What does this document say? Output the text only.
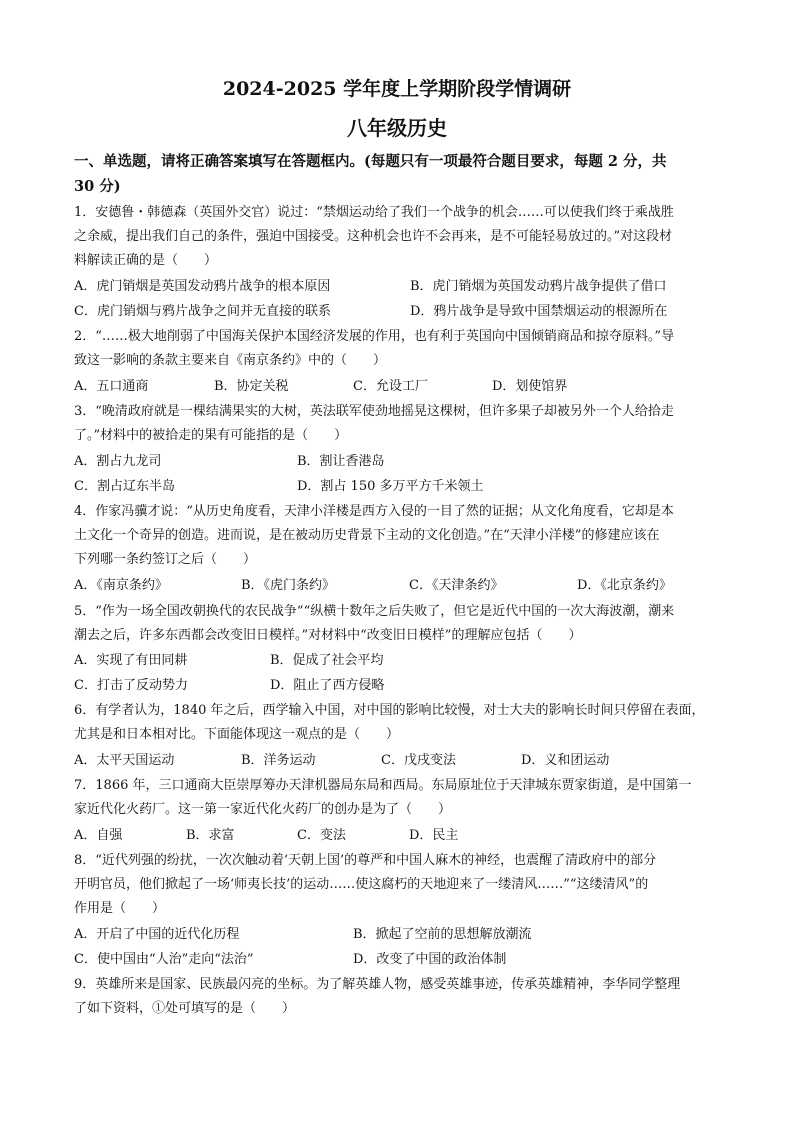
2024-2025 学年度上学期阶段学情调研
八年级历史
一、单选题，请将正确答案填写在答题框内。(每题只有一项最符合题目要求，每题 2 分，共
30 分)
1．安德鲁・韩德森（英国外交官）说过：“禁烟运动给了我们一个战争的机会……可以使我们终于乘战胜
之余威，提出我们自己的条件，强迫中国接受。这种机会也许不会再来，是不可能轻易放过的。”对这段材
料解读正确的是（　　）
A．虎门销烟是英国发动鸦片战争的根本原因	B．虎门销烟为英国发动鸦片战争提供了借口
C．虎门销烟与鸦片战争之间并无直接的联系	D．鸦片战争是导致中国禁烟运动的根源所在
2．“……极大地削弱了中国海关保护本国经济发展的作用，也有利于英国向中国倾销商品和掠夺原料。”导
致这一影响的条款主要来自《南京条约》中的（　　）
A．五口通商	B．协定关税	C．允设工厂	D．划使馆界
3．“晚清政府就是一棵结满果实的大树，英法联军使劲地摇晃这棵树，但许多果子却被另外一个人给拾走
了。”材料中的被拾走的果有可能指的是（　　）
A．割占九龙司	B．割让香港岛
C．割占辽东半岛	D．割占 150 多万平方千米领土
4．作家冯骥才说：“从历史角度看，天津小洋楼是西方入侵的一目了然的证据；从文化角度看，它却是本
土文化一个奇异的创造。进而说，是在被动历史背景下主动的文化创造。”在“天津小洋楼”的修建应该在
下列哪一条约签订之后（　　）
A．《南京条约》	B．《虎门条约》	C．《天津条约》	D．《北京条约》
5．“作为一场全国改朝换代的农民战争”“纵横十数年之后失败了，但它是近代中国的一次大海波潮，潮来
潮去之后，许多东西都会改变旧日模样。”对材料中“改变旧日模样”的理解应包括（　　）
A．实现了有田同耕	B．促成了社会平均
C．打击了反动势力	D．阻止了西方侵略
6．有学者认为，1840 年之后，西学输入中国，对中国的影响比较慢，对士大夫的影响长时间只停留在表面，
尤其是和日本相对比。下面能体现这一观点的是（　　）
A．太平天国运动	B．洋务运动	C．戊戌变法	D．义和团运动
7．1866 年，三口通商大臣崇厚筹办天津机器局东局和西局。东局原址位于天津城东贾家街道，是中国第一
家近代化火药厂。这一第一家近代化火药厂的创办是为了（　　）
A．自强	B．求富	C．变法	D．民主
8．“近代列强的纷扰，一次次触动着‘天朝上国’的尊严和中国人麻木的神经，也震醒了清政府中的部分
开明官员，他们掀起了一场‘师夷长技’的运动……使这腐朽的天地迎来了一缕清风……”“这缕清风”的
作用是（　　）
A．开启了中国的近代化历程	B．掀起了空前的思想解放潮流
C．使中国由“人治”走向“法治”	D．改变了中国的政治体制
9．英雄所来是国家、民族最闪亮的坐标。为了解英雄人物，感受英雄事迹，传承英雄精神，李华同学整理
了如下资料，①处可填写的是（　　）
